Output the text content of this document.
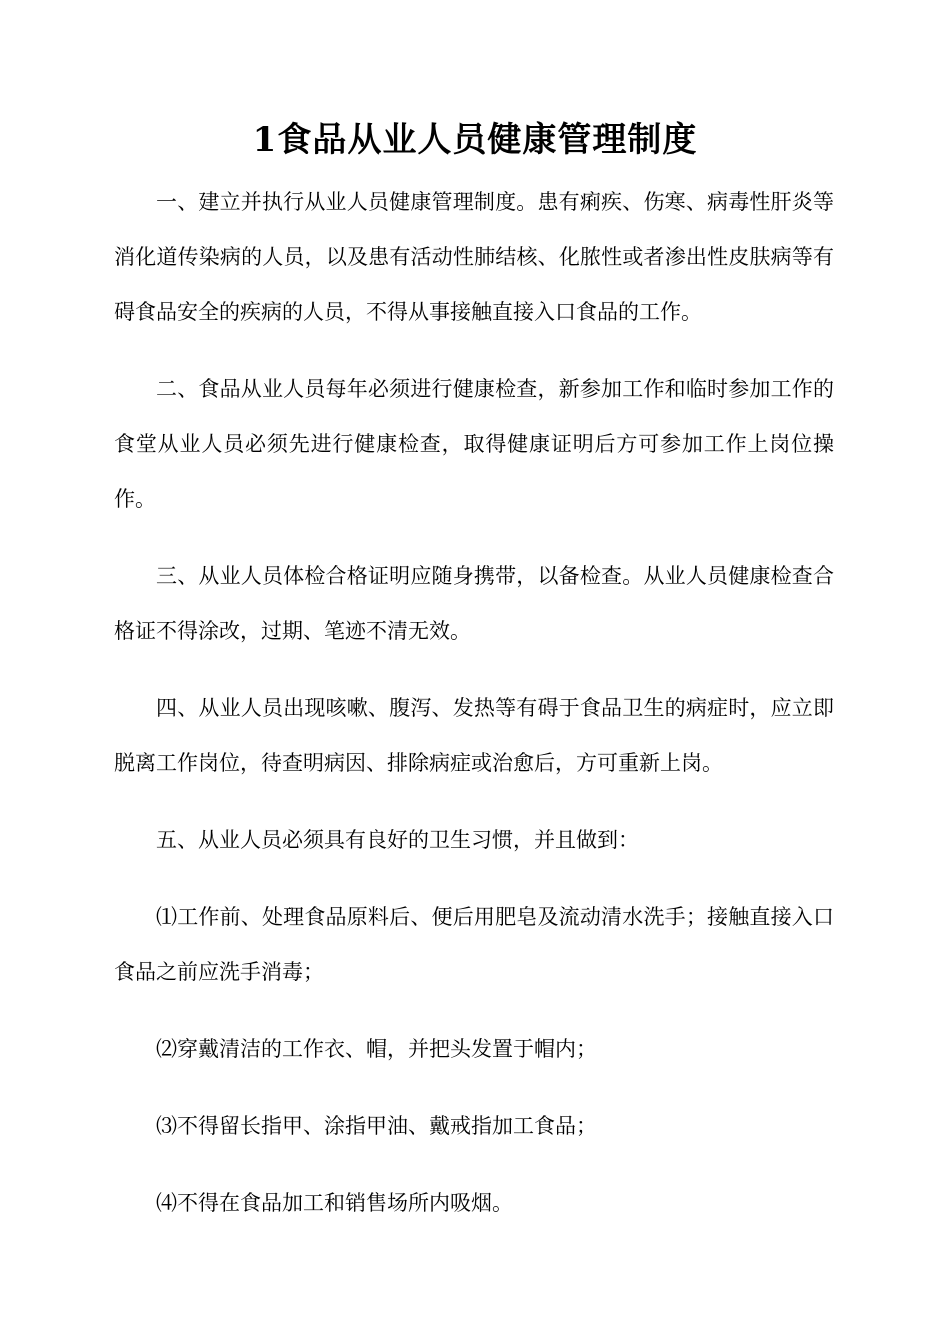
1食品从业人员健康管理制度

一、建立并执行从业人员健康管理制度。患有痢疾、伤寒、病毒性肝炎等消化道传染病的人员，以及患有活动性肺结核、化脓性或者渗出性皮肤病等有碍食品安全的疾病的人员，不得从事接触直接入口食品的工作。

二、食品从业人员每年必须进行健康检查，新参加工作和临时参加工作的食堂从业人员必须先进行健康检查，取得健康证明后方可参加工作上岗位操作。

三、从业人员体检合格证明应随身携带，以备检查。从业人员健康检查合格证不得涂改，过期、笔迹不清无效。

四、从业人员出现咳嗽、腹泻、发热等有碍于食品卫生的病症时，应立即脱离工作岗位，待查明病因、排除病症或治愈后，方可重新上岗。

五、从业人员必须具有良好的卫生习惯，并且做到：

⑴工作前、处理食品原料后、便后用肥皂及流动清水洗手；接触直接入口食品之前应洗手消毒；

⑵穿戴清洁的工作衣、帽，并把头发置于帽内；

⑶不得留长指甲、涂指甲油、戴戒指加工食品；

⑷不得在食品加工和销售场所内吸烟。
